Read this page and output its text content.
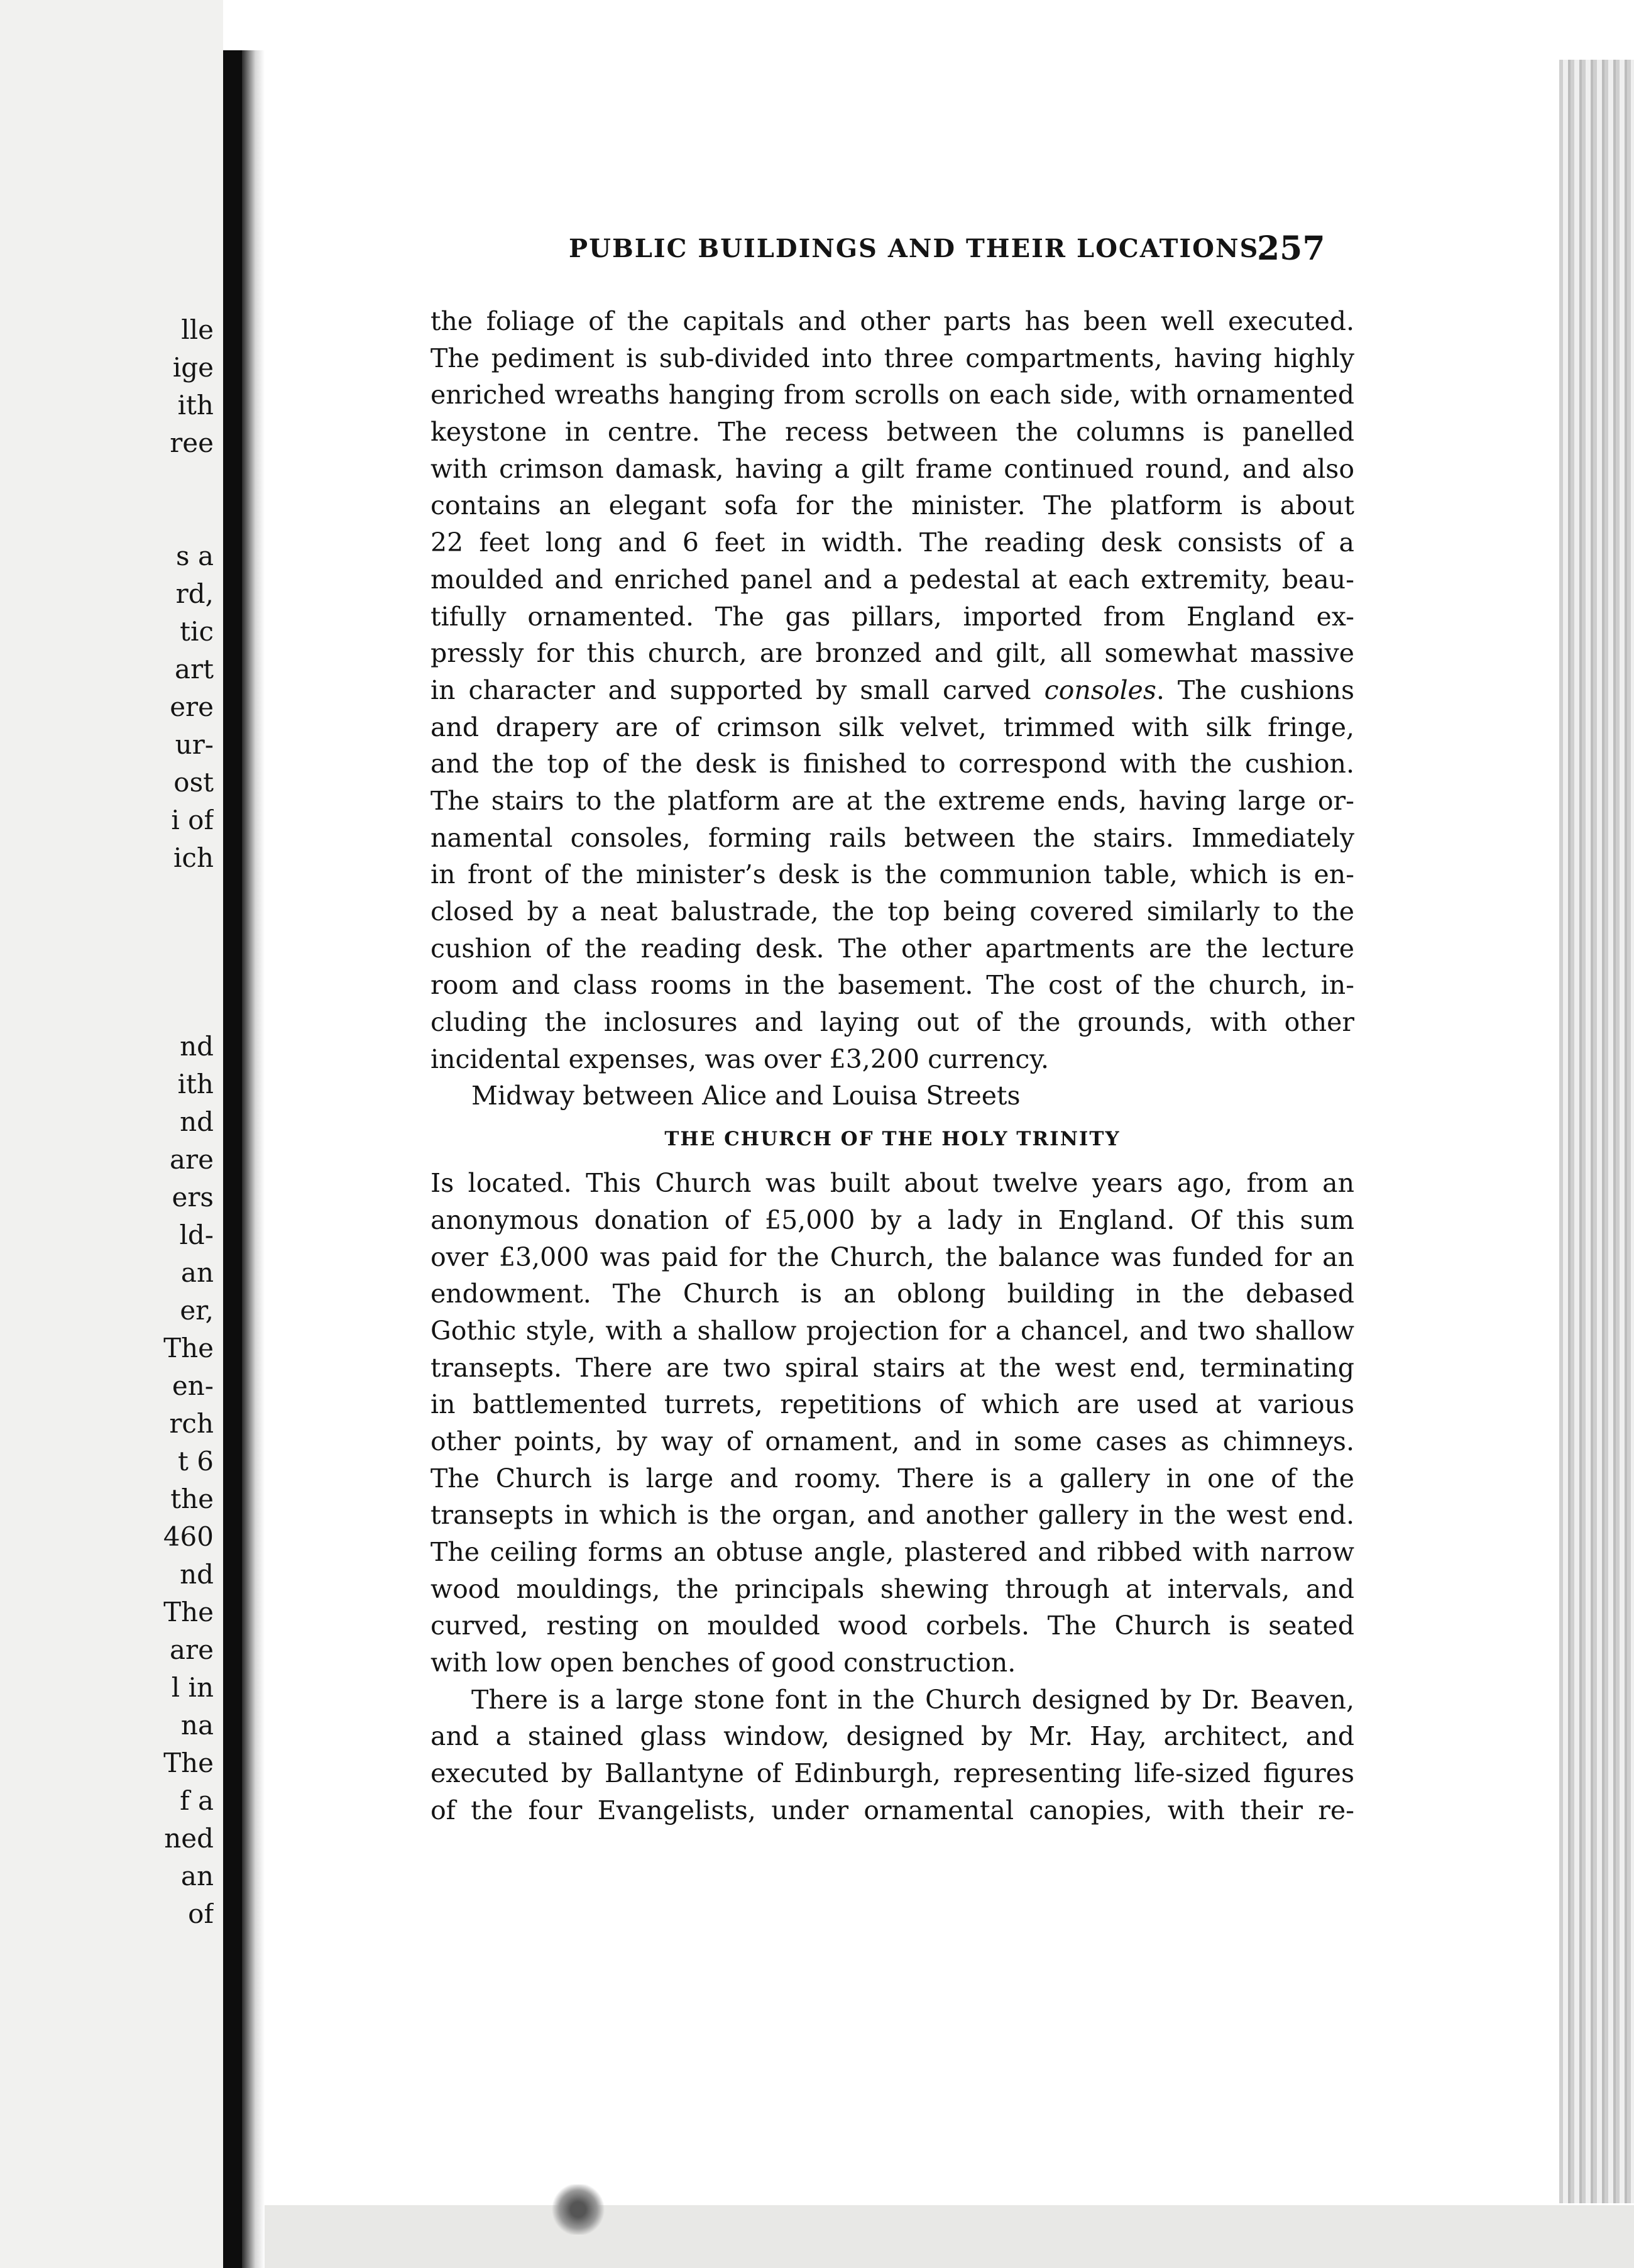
lle
ige
ith
ree
s a
rd,
tic
art
ere
ur-
ost
i of
ich
nd
ith
nd
are
ers
ld-
an
er,
The
en-
rch
t 6
the
460
nd
The
are
l in
na
The
f a
ned
an
of
PUBLIC BUILDINGS AND THEIR LOCATIONS.
257
the foliage of the capitals and other parts has been well executed.
The pediment is sub-divided into three compartments, having highly
enriched wreaths hanging from scrolls on each side, with ornamented
keystone in centre. The recess between the columns is panelled
with crimson damask, having a gilt frame continued round, and also
contains an elegant sofa for the minister. The platform is about
22 feet long and 6 feet in width. The reading desk consists of a
moulded and enriched panel and a pedestal at each extremity, beau-
tifully ornamented. The gas pillars, imported from England ex-
pressly for this church, are bronzed and gilt, all somewhat massive
in character and supported by small carved consoles. The cushions
and drapery are of crimson silk velvet, trimmed with silk fringe,
and the top of the desk is finished to correspond with the cushion.
The stairs to the platform are at the extreme ends, having large or-
namental consoles, forming rails between the stairs. Immediately
in front of the minister’s desk is the communion table, which is en-
closed by a neat balustrade, the top being covered similarly to the
cushion of the reading desk. The other apartments are the lecture
room and class rooms in the basement. The cost of the church, in-
cluding the inclosures and laying out of the grounds, with other
incidental expenses, was over £3,200 currency.
Midway between Alice and Louisa Streets
THE CHURCH OF THE HOLY TRINITY
Is located. This Church was built about twelve years ago, from an
anonymous donation of £5,000 by a lady in England. Of this sum
over £3,000 was paid for the Church, the balance was funded for an
endowment. The Church is an oblong building in the debased
Gothic style, with a shallow projection for a chancel, and two shallow
transepts. There are two spiral stairs at the west end, terminating
in battlemented turrets, repetitions of which are used at various
other points, by way of ornament, and in some cases as chimneys.
The Church is large and roomy. There is a gallery in one of the
transepts in which is the organ, and another gallery in the west end.
The ceiling forms an obtuse angle, plastered and ribbed with narrow
wood mouldings, the principals shewing through at intervals, and
curved, resting on moulded wood corbels. The Church is seated
with low open benches of good construction.
There is a large stone font in the Church designed by Dr. Beaven,
and a stained glass window, designed by Mr. Hay, architect, and
executed by Ballantyne of Edinburgh, representing life-sized figures
of the four Evangelists, under ornamental canopies, with their re-
